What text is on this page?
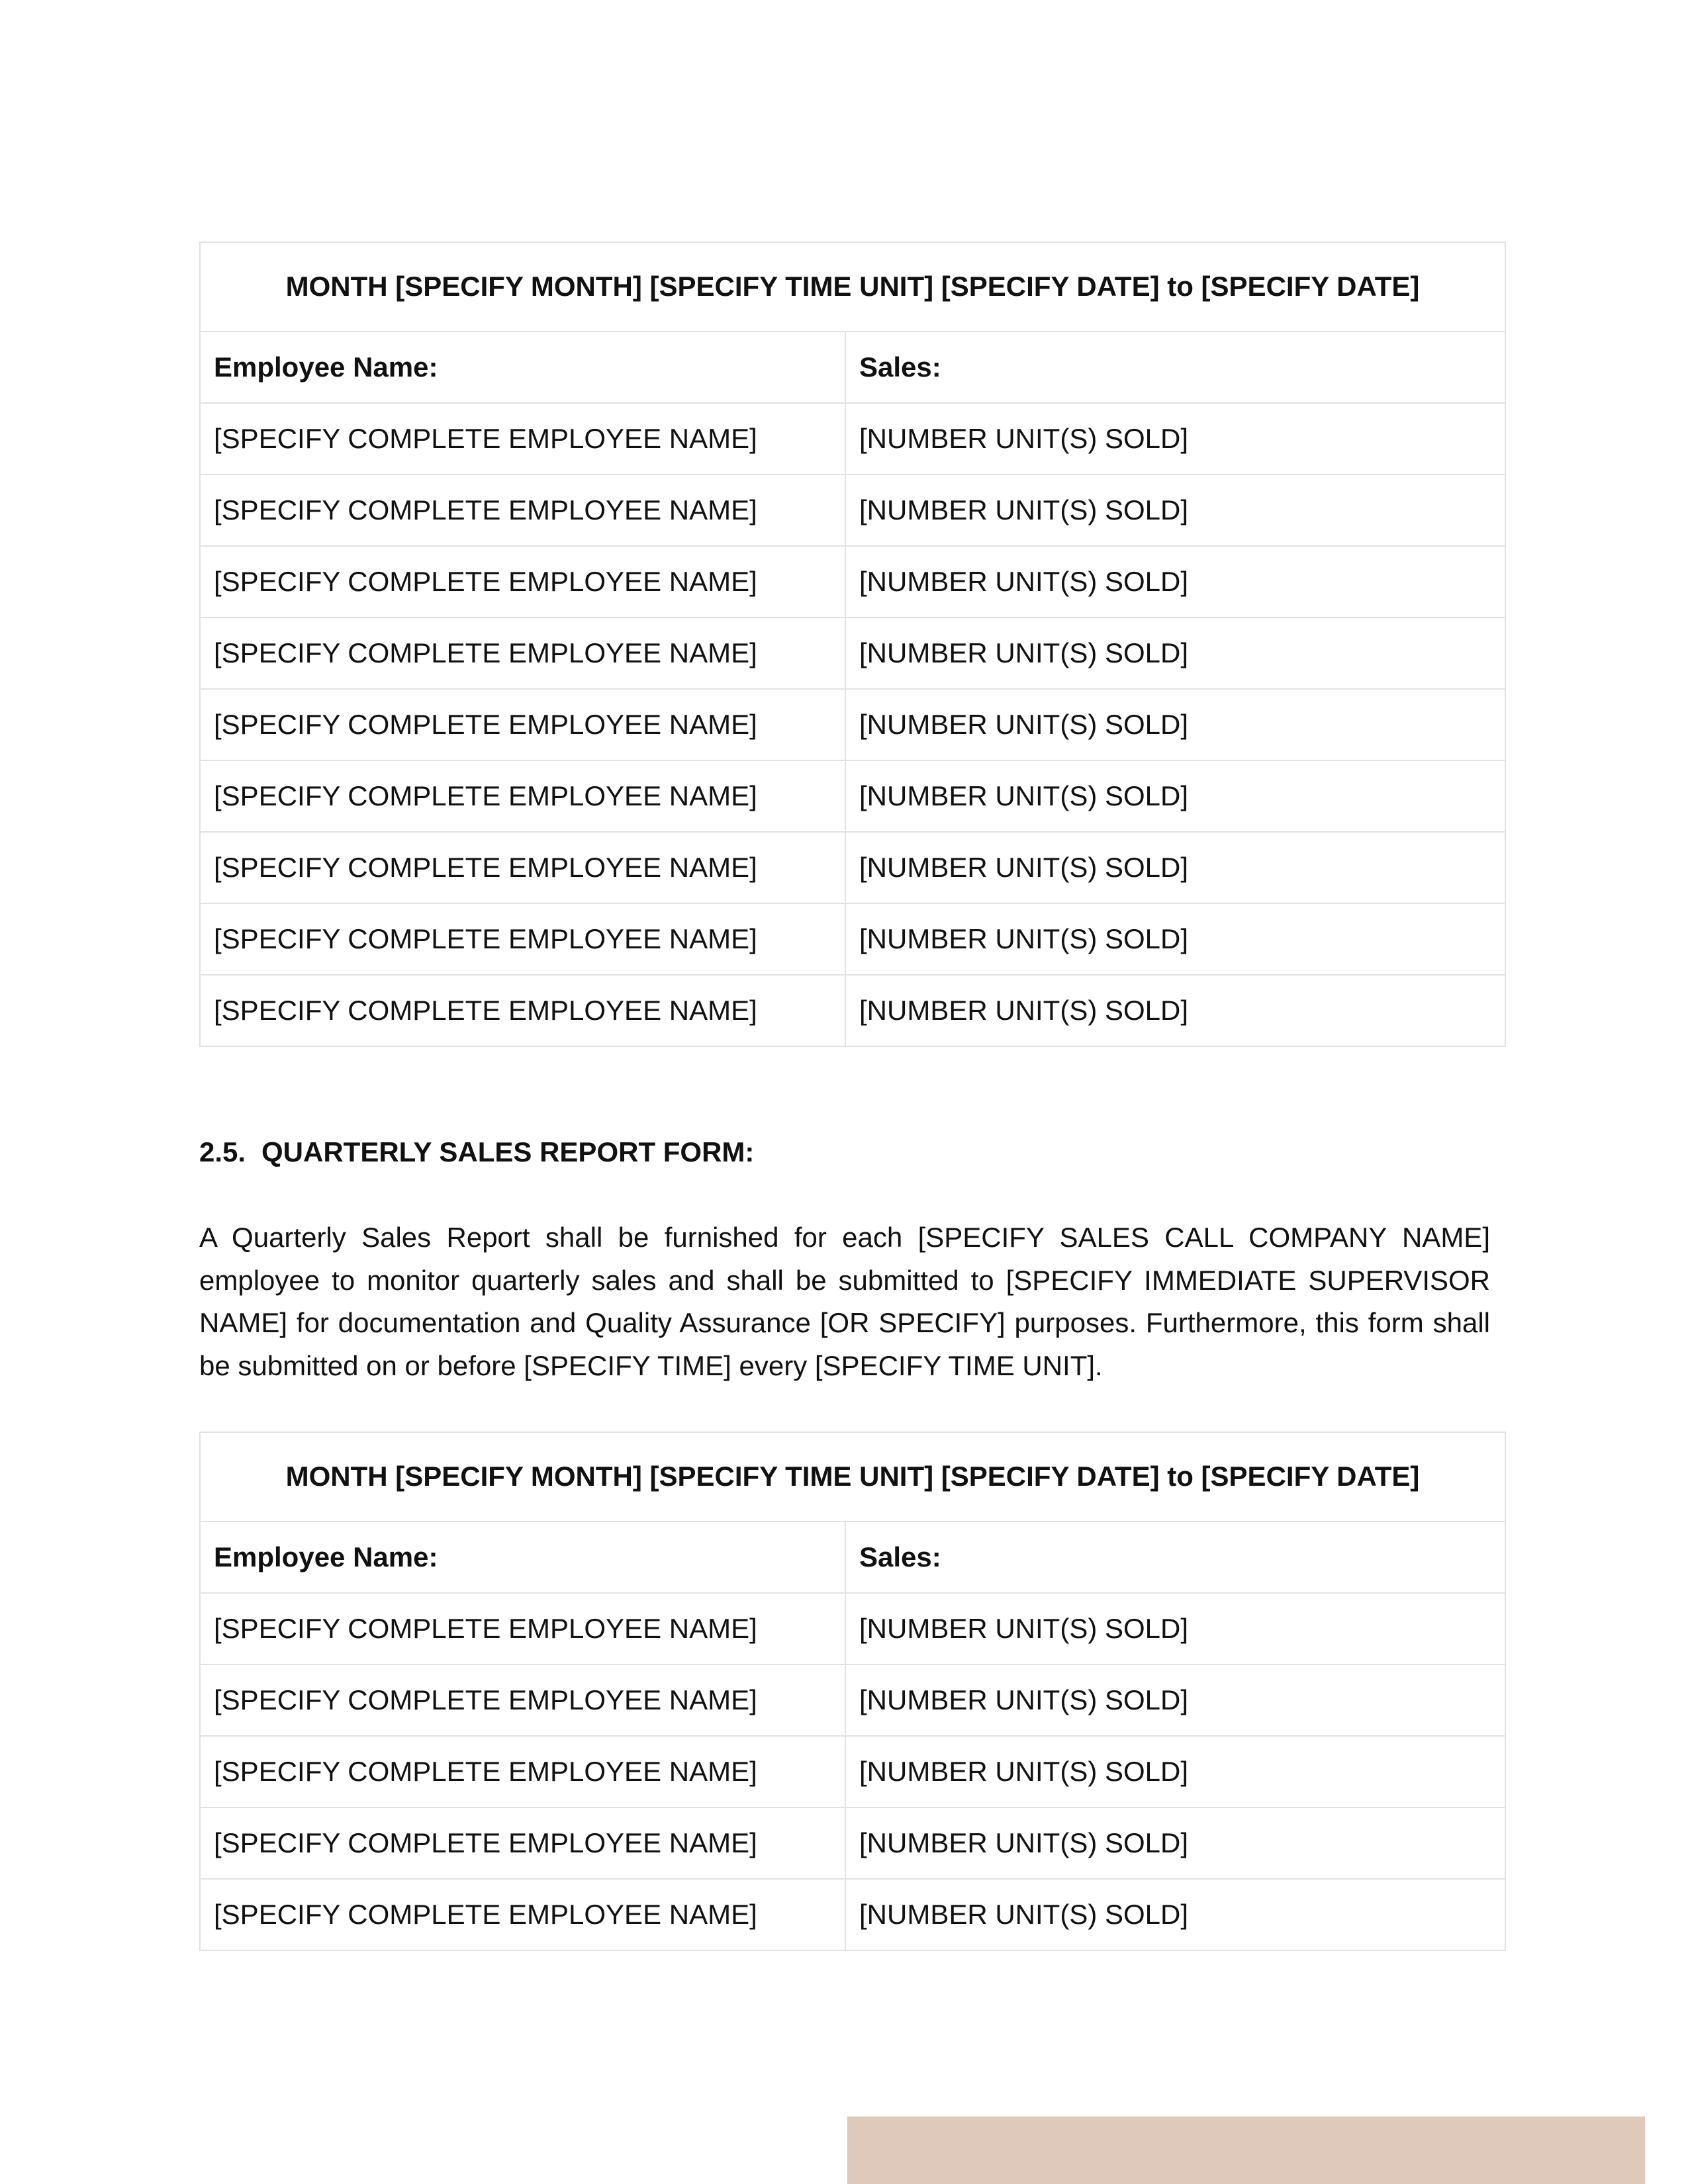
MONTH [SPECIFY MONTH] [SPECIFY TIME UNIT] [SPECIFY DATE] to [SPECIFY DATE]	
Employee Name:	Sales:
[SPECIFY COMPLETE EMPLOYEE NAME]	[NUMBER UNIT(S) SOLD]
[SPECIFY COMPLETE EMPLOYEE NAME]	[NUMBER UNIT(S) SOLD]
[SPECIFY COMPLETE EMPLOYEE NAME]	[NUMBER UNIT(S) SOLD]
[SPECIFY COMPLETE EMPLOYEE NAME]	[NUMBER UNIT(S) SOLD]
[SPECIFY COMPLETE EMPLOYEE NAME]	[NUMBER UNIT(S) SOLD]
[SPECIFY COMPLETE EMPLOYEE NAME]	[NUMBER UNIT(S) SOLD]
[SPECIFY COMPLETE EMPLOYEE NAME]	[NUMBER UNIT(S) SOLD]
[SPECIFY COMPLETE EMPLOYEE NAME]	[NUMBER UNIT(S) SOLD]
[SPECIFY COMPLETE EMPLOYEE NAME]	[NUMBER UNIT(S) SOLD]
2.5. QUARTERLY SALES REPORT FORM:

A Quarterly Sales Report shall be furnished for each [SPECIFY SALES CALL COMPANY NAME] employee to monitor quarterly sales and shall be submitted to [SPECIFY IMMEDIATE SUPERVISOR NAME] for documentation and Quality Assurance [OR SPECIFY] purposes. Furthermore, this form shall be submitted on or before [SPECIFY TIME] every [SPECIFY TIME UNIT].

MONTH [SPECIFY MONTH] [SPECIFY TIME UNIT] [SPECIFY DATE] to [SPECIFY DATE]	
Employee Name:	Sales:
[SPECIFY COMPLETE EMPLOYEE NAME]	[NUMBER UNIT(S) SOLD]
[SPECIFY COMPLETE EMPLOYEE NAME]	[NUMBER UNIT(S) SOLD]
[SPECIFY COMPLETE EMPLOYEE NAME]	[NUMBER UNIT(S) SOLD]
[SPECIFY COMPLETE EMPLOYEE NAME]	[NUMBER UNIT(S) SOLD]
[SPECIFY COMPLETE EMPLOYEE NAME]	[NUMBER UNIT(S) SOLD]
